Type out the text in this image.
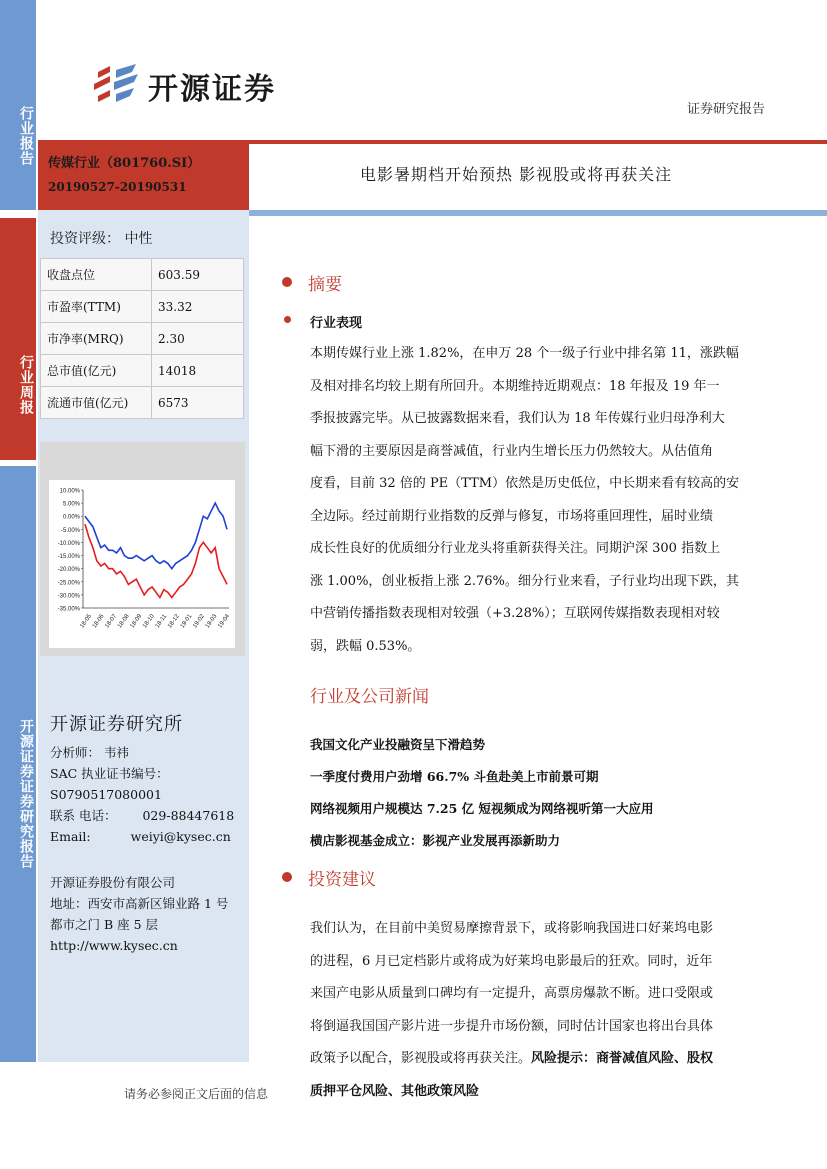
行业报告
行业周报
开源证券证券研究报告
开源证券
证券研究报告
传媒行业（801760.SI）
20190527-20190531
电影暑期档开始预热 影视股或将再获关注
投资评级： 中性
收盘点位	603.59
市盈率(TTM)	33.32
市净率(MRQ)	2.30
总市值(亿元)	14018
流通市值(亿元)	6573
10.00%
5.00%
0.00%
-5.00%
-10.00%
-15.00%
-20.00%
-25.00%
-30.00%
-35.00%
18-05
18-06
18-07
18-08
18-09
18-10
18-11
18-12
19-01
19-02
19-03
19-04
开源证券研究所
分析师： 韦祎
SAC 执业证书编号：
S0790517080001
联系 电话： 029-88447618
Email:	weiyi@kysec.cn
开源证券股份有限公司
地址：西安市高新区锦业路 1 号
都市之门 B 座 5 层
http://www.kysec.cn
摘要
行业表现
本期传媒行业上涨 1.82%，在申万 28 个一级子行业中排名第 11，涨跌幅
及相对排名均较上期有所回升。本期维持近期观点：18 年报及 19 年一
季报披露完毕。从已披露数据来看，我们认为 18 年传媒行业归母净利大
幅下滑的主要原因是商誉减值，行业内生增长压力仍然较大。从估值角
度看，目前 32 倍的 PE（TTM）依然是历史低位，中长期来看有较高的安
全边际。经过前期行业指数的反弹与修复，市场将重回理性，届时业绩
成长性良好的优质细分行业龙头将重新获得关注。同期沪深 300 指数上
涨 1.00%，创业板指上涨 2.76%。细分行业来看，子行业均出现下跌，其
中营销传播指数表现相对较强（+3.28%）；互联网传媒指数表现相对较
弱，跌幅 0.53%。
行业及公司新闻
我国文化产业投融资呈下滑趋势
一季度付费用户劲增 66.7% 斗鱼赴美上市前景可期
网络视频用户规模达 7.25 亿 短视频成为网络视听第一大应用
横店影视基金成立：影视产业发展再添新助力
投资建议
我们认为，在目前中美贸易摩擦背景下，或将影响我国进口好莱坞电影
的进程，6 月已定档影片或将成为好莱坞电影最后的狂欢。同时，近年
来国产电影从质量到口碑均有一定提升，高票房爆款不断。进口受限或
将倒逼我国国产影片进一步提升市场份额，同时估计国家也将出台具体
政策予以配合，影视股或将再获关注。风险提示：商誉减值风险、股权
质押平仓风险、其他政策风险
请务必参阅正文后面的信息
